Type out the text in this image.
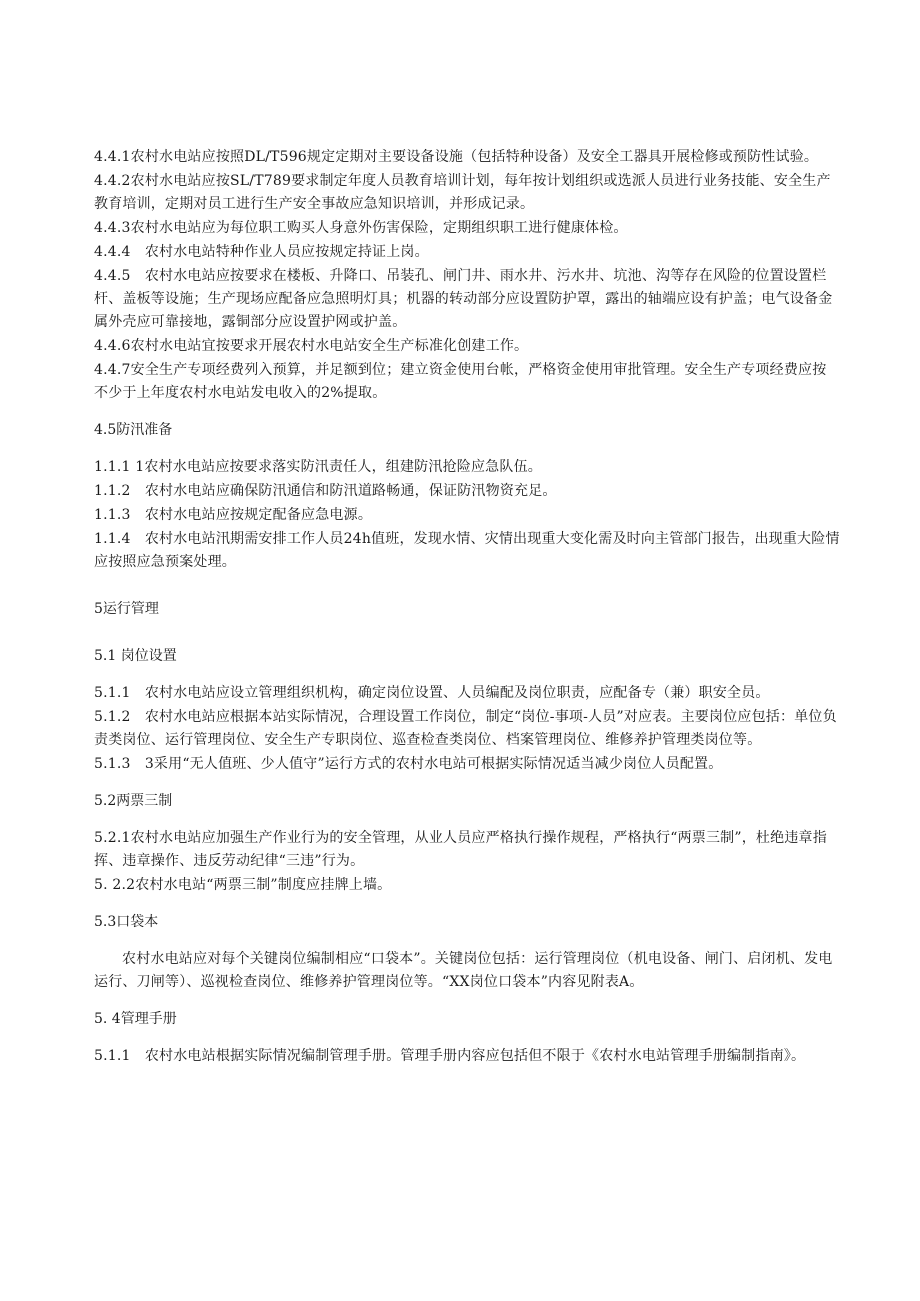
4.4.1农村水电站应按照DL/T596规定定期对主要设备设施（包括特种设备）及安全工器具开展检修或预防性试验。

4.4.2农村水电站应按SL/T789要求制定年度人员教育培训计划，每年按计划组织或选派人员进行业务技能、安全生产教育培训，定期对员工进行生产安全事故应急知识培训，并形成记录。

4.4.3农村水电站应为每位职工购买人身意外伤害保险，定期组织职工进行健康体检。

4.4.4　农村水电站特种作业人员应按规定持证上岗。

4.4.5　农村水电站应按要求在楼板、升降口、吊装孔、闸门井、雨水井、污水井、坑池、沟等存在风险的位置设置栏杆、盖板等设施；生产现场应配备应急照明灯具；机器的转动部分应设置防护罩，露出的轴端应设有护盖；电气设备金属外壳应可靠接地，露铜部分应设置护网或护盖。

4.4.6农村水电站宜按要求开展农村水电站安全生产标准化创建工作。

4.4.7安全生产专项经费列入预算，并足额到位；建立资金使用台帐，严格资金使用审批管理。安全生产专项经费应按不少于上年度农村水电站发电收入的2%提取。

4.5防汛准备

1.1.1 1农村水电站应按要求落实防汛责任人，组建防汛抢险应急队伍。

1.1.2　农村水电站应确保防汛通信和防汛道路畅通，保证防汛物资充足。

1.1.3　农村水电站应按规定配备应急电源。

1.1.4　农村水电站汛期需安排工作人员24h值班，发现水情、灾情出现重大变化需及时向主管部门报告，出现重大险情应按照应急预案处理。

5运行管理

5.1 岗位设置

5.1.1　农村水电站应设立管理组织机构，确定岗位设置、人员编配及岗位职责，应配备专（兼）职安全员。

5.1.2　农村水电站应根据本站实际情况，合理设置工作岗位，制定“岗位-事项-人员”对应表。主要岗位应包括：单位负责类岗位、运行管理岗位、安全生产专职岗位、巡查检查类岗位、档案管理岗位、维修养护管理类岗位等。

5.1.3　3采用“无人值班、少人值守”运行方式的农村水电站可根据实际情况适当减少岗位人员配置。

5.2两票三制

5.2.1农村水电站应加强生产作业行为的安全管理，从业人员应严格执行操作规程，严格执行“两票三制”，杜绝违章指挥、违章操作、违反劳动纪律“三违”行为。

5. 2.2农村水电站“两票三制”制度应挂牌上墙。

5.3口袋本

农村水电站应对每个关键岗位编制相应“口袋本”。关键岗位包括：运行管理岗位（机电设备、闸门、启闭机、发电运行、刀闸等）、巡视检查岗位、维修养护管理岗位等。“XX岗位口袋本”内容见附表A。

5. 4管理手册

5.1.1　农村水电站根据实际情况编制管理手册。管理手册内容应包括但不限于《农村水电站管理手册编制指南》。
